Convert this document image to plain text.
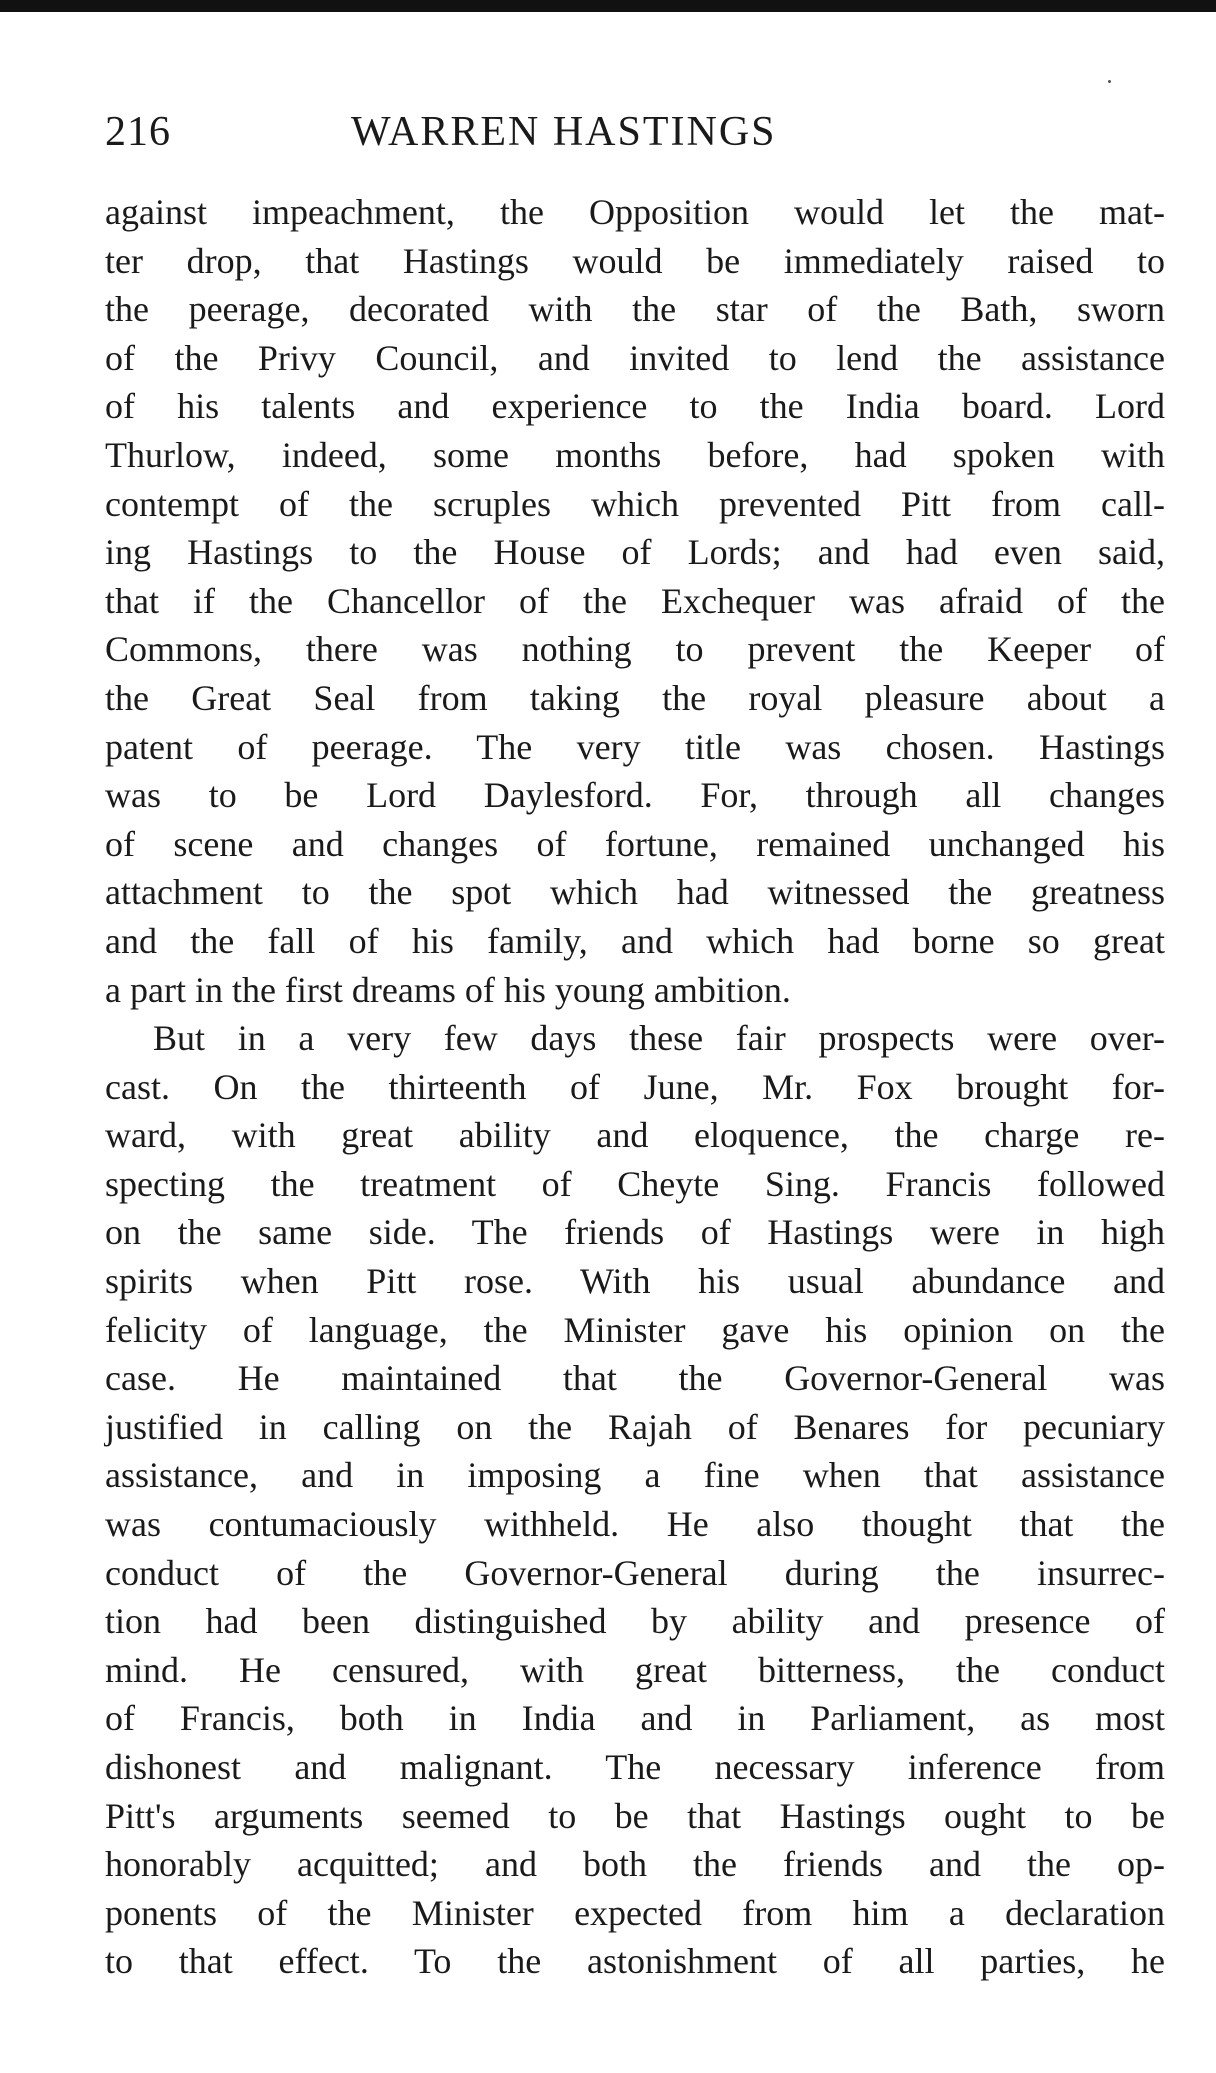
216	WARREN HASTINGS
against impeachment, the Opposition would let the mat-
ter drop, that Hastings would be immediately raised to
the peerage, decorated with the star of the Bath, sworn
of the Privy Council, and invited to lend the assistance
of his talents and experience to the India board. Lord
Thurlow, indeed, some months before, had spoken with
contempt of the scruples which prevented Pitt from call-
ing Hastings to the House of Lords; and had even said,
that if the Chancellor of the Exchequer was afraid of the
Commons, there was nothing to prevent the Keeper of
the Great Seal from taking the royal pleasure about a
patent of peerage. The very title was chosen. Hastings
was to be Lord Daylesford. For, through all changes
of scene and changes of fortune, remained unchanged his
attachment to the spot which had witnessed the greatness
and the fall of his family, and which had borne so great
a part in the first dreams of his young ambition.
But in a very few days these fair prospects were over-
cast. On the thirteenth of June, Mr. Fox brought for-
ward, with great ability and eloquence, the charge re-
specting the treatment of Cheyte Sing. Francis followed
on the same side. The friends of Hastings were in high
spirits when Pitt rose. With his usual abundance and
felicity of language, the Minister gave his opinion on the
case. He maintained that the Governor-General was
justified in calling on the Rajah of Benares for pecuniary
assistance, and in imposing a fine when that assistance
was contumaciously withheld. He also thought that the
conduct of the Governor-General during the insurrec-
tion had been distinguished by ability and presence of
mind. He censured, with great bitterness, the conduct
of Francis, both in India and in Parliament, as most
dishonest and malignant. The necessary inference from
Pitt's arguments seemed to be that Hastings ought to be
honorably acquitted; and both the friends and the op-
ponents of the Minister expected from him a declaration
to that effect. To the astonishment of all parties, he
